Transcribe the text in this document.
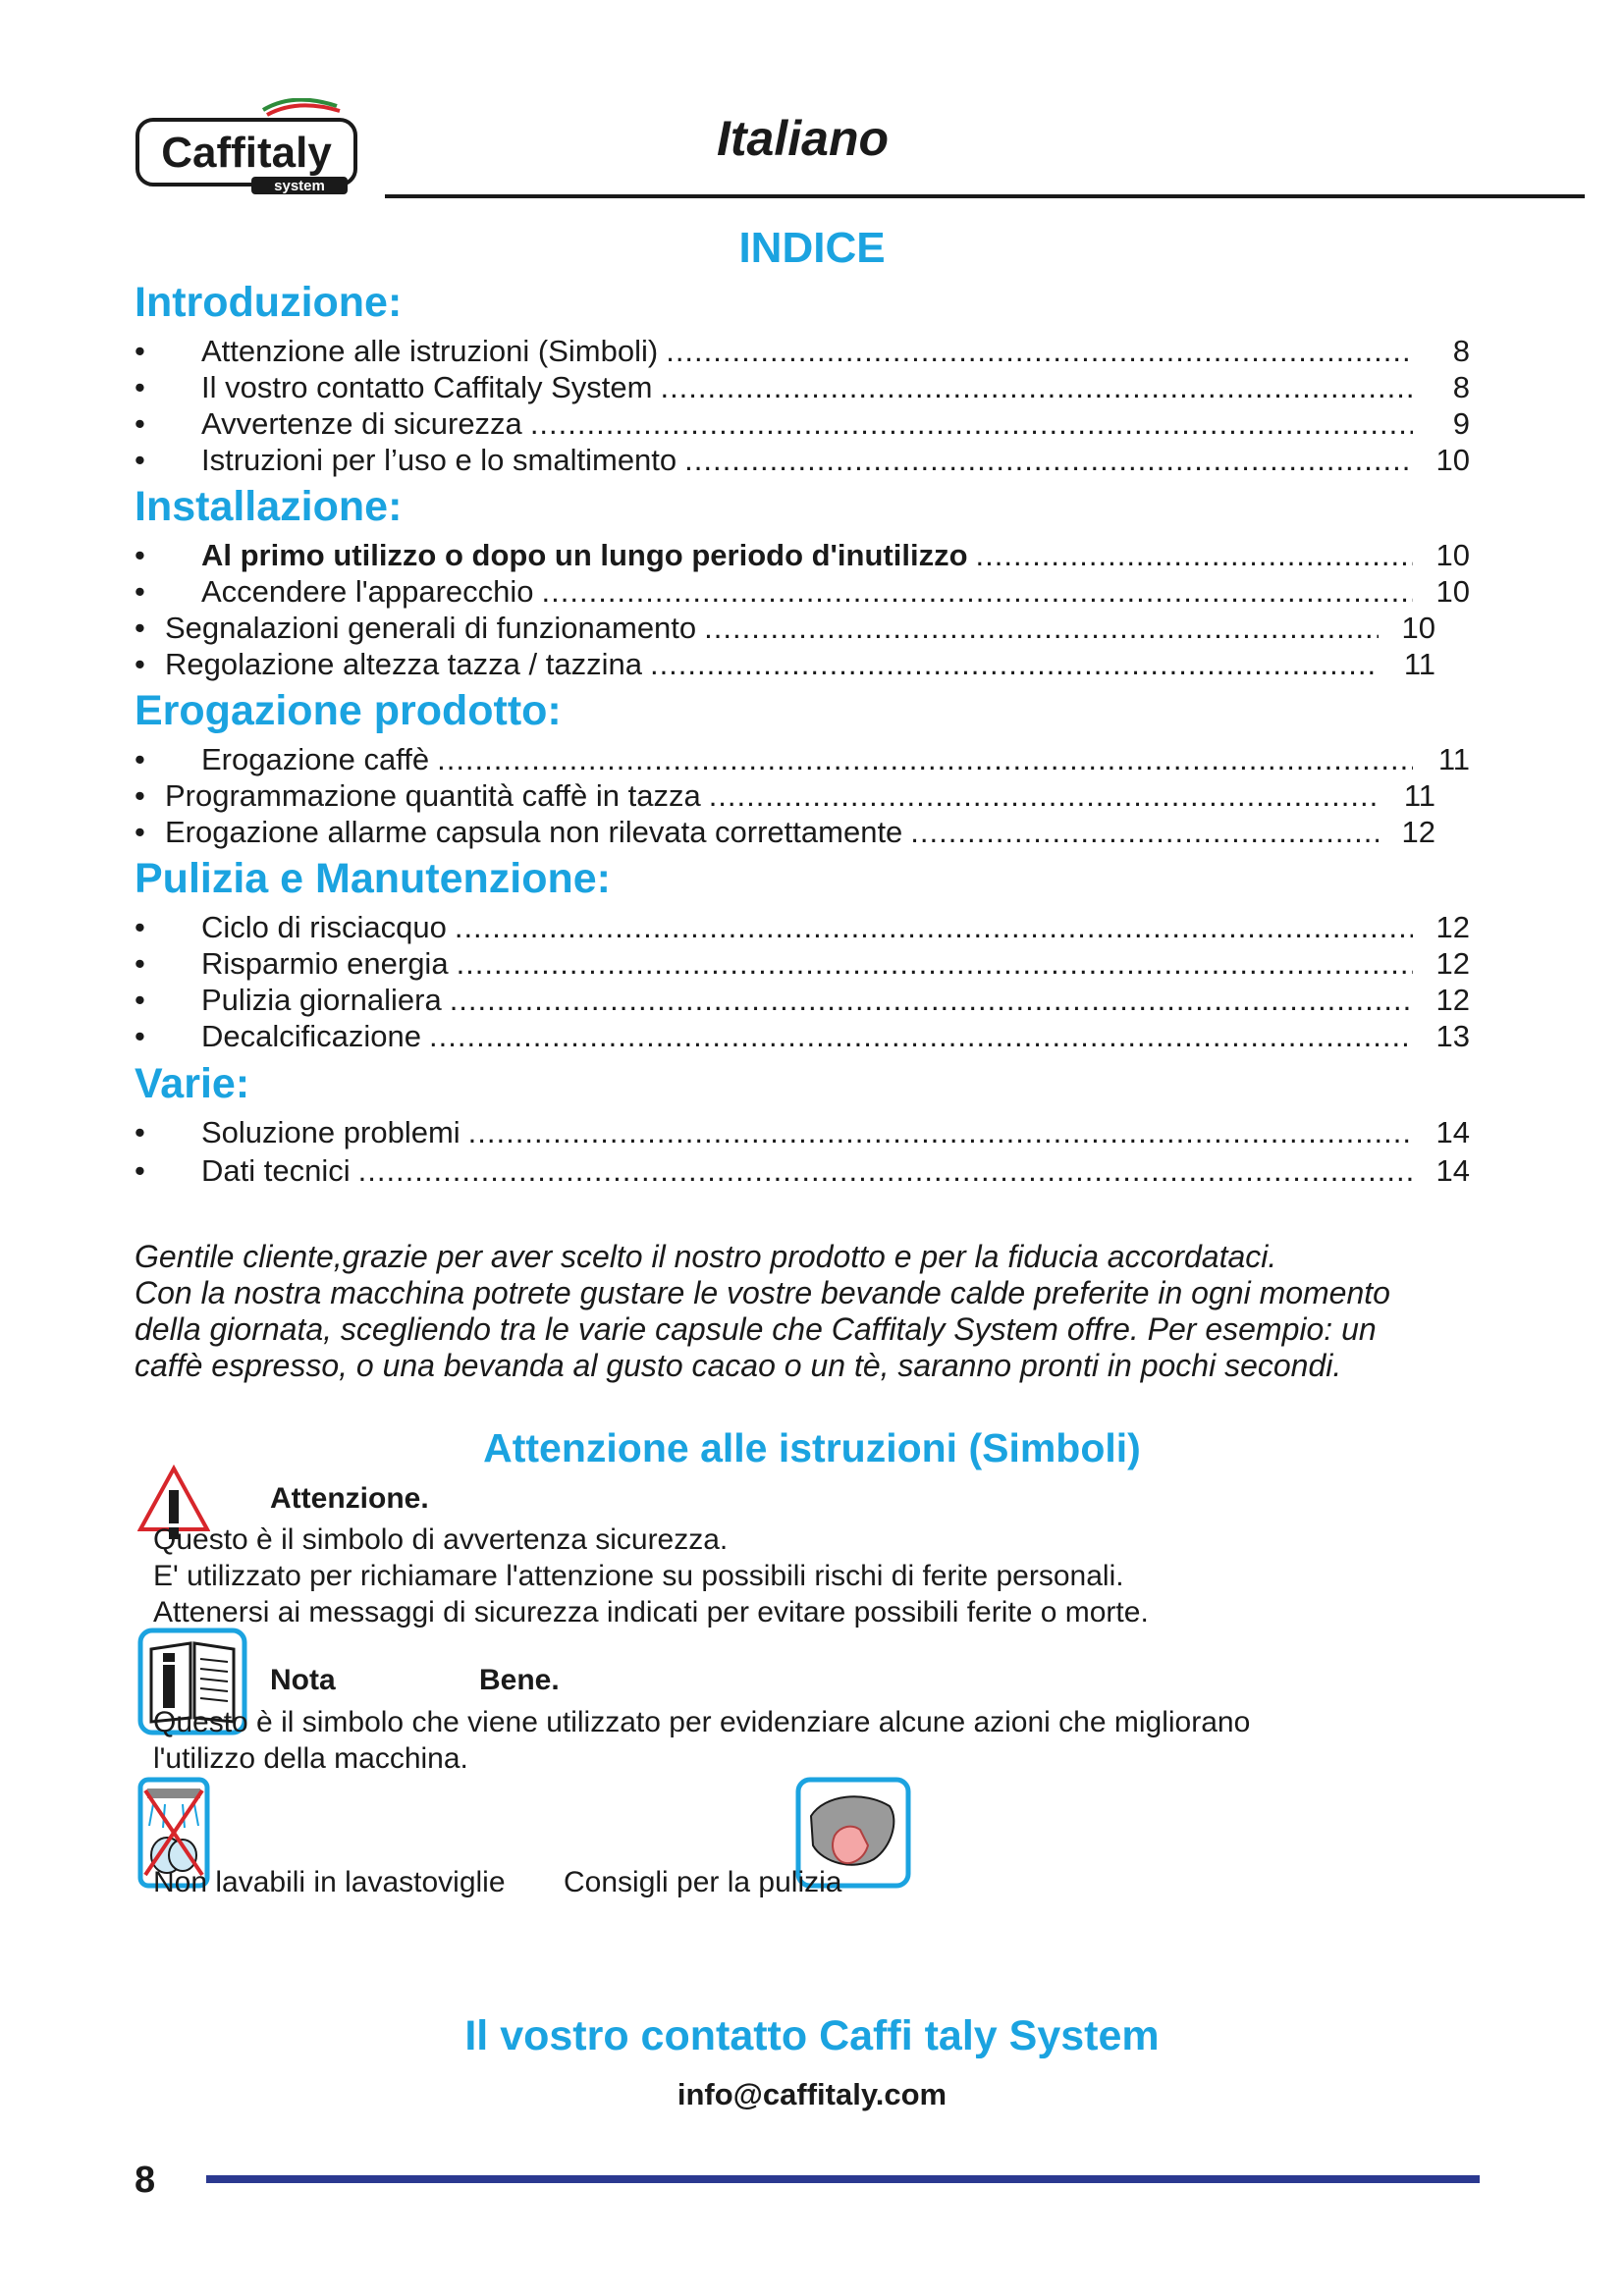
Caffitaly
system
Italiano
INDICE
Introduzione:
•	Attenzione alle istruzioni (Simboli) .....	8
•	Il vostro contatto Caffitaly System .....	8
•	Avvertenze di sicurezza .....	9
•	Istruzioni per l’uso e lo smaltimento .....	10
Installazione:
•	Al primo utilizzo o dopo un lungo periodo d'inutilizzo .....	10
•	Accendere l'apparecchio .....	10
• Segnalazioni generali di funzionamento .....	10
• Regolazione altezza tazza / tazzina .....	11
Erogazione prodotto:
•	Erogazione caffè .....	11
• Programmazione quantità caffè in tazza .....	11
• Erogazione allarme capsula non rilevata correttamente .....	12
Pulizia e Manutenzione:
•	Ciclo di risciacquo .....	12
•	Risparmio energia .....	12
•	Pulizia giornaliera .....	12
•	Decalcificazione .....	13
Varie:
•	Soluzione problemi .....	14
•	Dati tecnici .....	14

Gentile cliente,grazie per aver scelto il nostro prodotto e per la fiducia accordataci.

Con la nostra macchina potrete gustare le vostre bevande calde preferite in ogni momento

della giornata, scegliendo tra le varie capsule che Caffitaly System offre. Per esempio: un

caffè espresso, o una bevanda al gusto cacao o un tè, saranno pronti in pochi secondi.

Attenzione alle istruzioni (Simboli)
Attenzione.
Questo è il simbolo di avvertenza sicurezza.
E' utilizzato per richiamare l'attenzione su possibili rischi di ferite personali.
Attenersi ai messaggi di sicurezza indicati per evitare possibili ferite o morte.
Nota	Bene.
Questo è il simbolo che viene utilizzato per evidenziare alcune azioni che migliorano
l'utilizzo della macchina.
Non lavabili in lavastoviglie Consigli per la pulizia
Il vostro contatto Caffi taly System
info@caffitaly.com
8
